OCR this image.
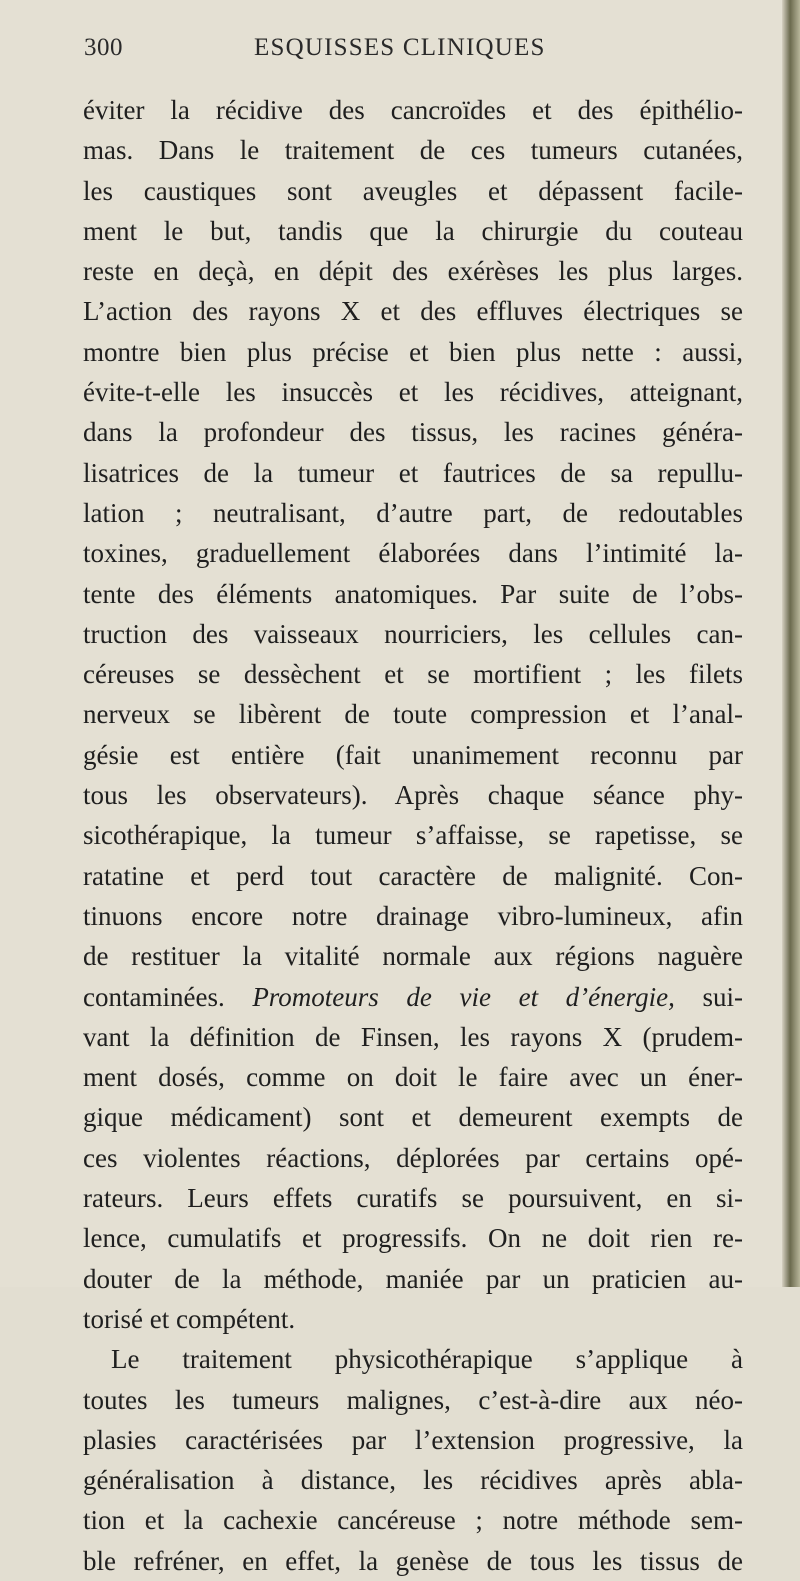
300	ESQUISSES CLINIQUES
éviter la récidive des cancroïdes et des épithélio-
mas. Dans le traitement de ces tumeurs cutanées,
les caustiques sont aveugles et dépassent facile-
ment le but, tandis que la chirurgie du couteau
reste en deçà, en dépit des exérèses les plus larges.
L’action des rayons X et des effluves électriques se
montre bien plus précise et bien plus nette : aussi,
évite-t-elle les insuccès et les récidives, atteignant,
dans la profondeur des tissus, les racines généra-
lisatrices de la tumeur et fautrices de sa repullu-
lation ; neutralisant, d’autre part, de redoutables
toxines, graduellement élaborées dans l’intimité la-
tente des éléments anatomiques. Par suite de l’obs-
truction des vaisseaux nourriciers, les cellules can-
céreuses se dessèchent et se mortifient ; les filets
nerveux se libèrent de toute compression et l’anal-
gésie est entière (fait unanimement reconnu par
tous les observateurs). Après chaque séance phy-
sicothérapique, la tumeur s’affaisse, se rapetisse, se
ratatine et perd tout caractère de malignité. Con-
tinuons encore notre drainage vibro-lumineux, afin
de restituer la vitalité normale aux régions naguère
contaminées. Promoteurs de vie et d’énergie, sui-
vant la définition de Finsen, les rayons X (prudem-
ment dosés, comme on doit le faire avec un éner-
gique médicament) sont et demeurent exempts de
ces violentes réactions, déplorées par certains opé-
rateurs. Leurs effets curatifs se poursuivent, en si-
lence, cumulatifs et progressifs. On ne doit rien re-
douter de la méthode, maniée par un praticien au-
torisé et compétent.
Le traitement physicothérapique s’applique à
toutes les tumeurs malignes, c’est-à-dire aux néo-
plasies caractérisées par l’extension progressive, la
généralisation à distance, les récidives après abla-
tion et la cachexie cancéreuse ; notre méthode sem-
ble refréner, en effet, la genèse de tous les tissus de
